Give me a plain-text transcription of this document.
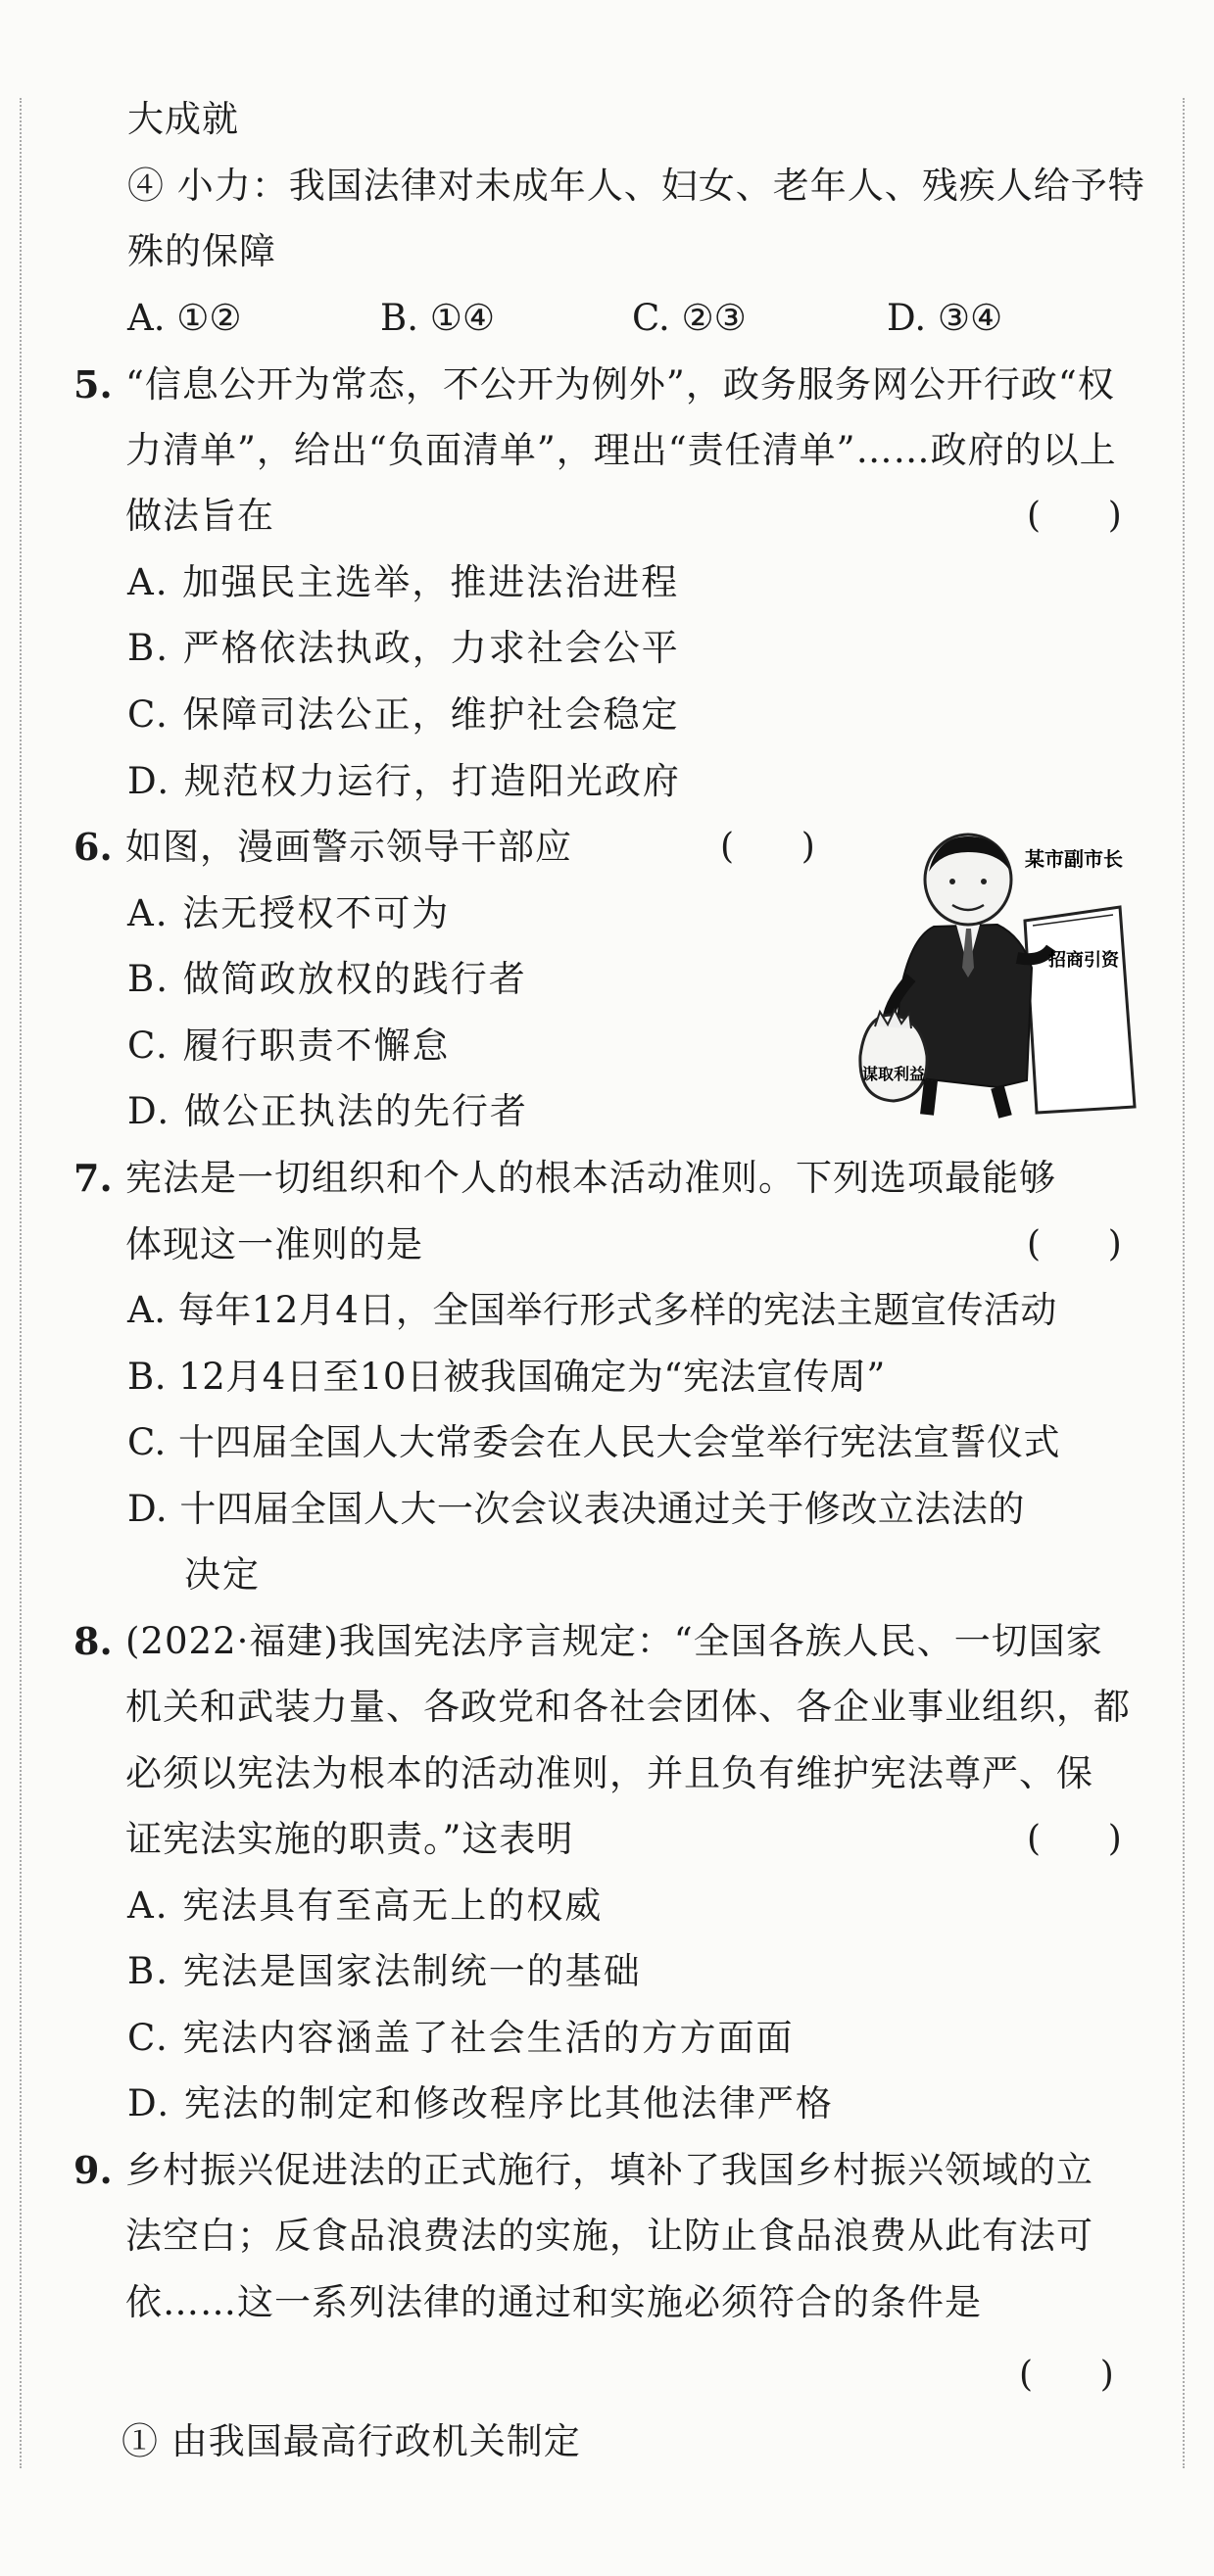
大成就
④ 小力：我国法律对未成年人、妇女、老年人、残疾人给予特
殊的保障
A. ①②	B. ①④	C. ②③	D. ③④
5. “信息公开为常态，不公开为例外”，政务服务网公开行政“权
力清单”，给出“负面清单”，理出“责任清单”……政府的以上
做法旨在	(      )
A. 加强民主选举，推进法治进程
B. 严格依法执政，力求社会公平
C. 保障司法公正，维护社会稳定
D. 规范权力运行，打造阳光政府
6. 如图，漫画警示领导干部应	(      )
A. 法无授权不可为
B. 做简政放权的践行者
C. 履行职责不懈怠
D. 做公正执法的先行者
某市副市长
招商引资
谋取利益
7. 宪法是一切组织和个人的根本活动准则。下列选项最能够
体现这一准则的是	(      )
A. 每年12月4日，全国举行形式多样的宪法主题宣传活动
B. 12月4日至10日被我国确定为“宪法宣传周”
C. 十四届全国人大常委会在人民大会堂举行宪法宣誓仪式
D. 十四届全国人大一次会议表决通过关于修改立法法的
决定
8. (2022·福建)我国宪法序言规定：“全国各族人民、一切国家
机关和武装力量、各政党和各社会团体、各企业事业组织，都
必须以宪法为根本的活动准则，并且负有维护宪法尊严、保
证宪法实施的职责。”这表明	(      )
A. 宪法具有至高无上的权威
B. 宪法是国家法制统一的基础
C. 宪法内容涵盖了社会生活的方方面面
D. 宪法的制定和修改程序比其他法律严格
9. 乡村振兴促进法的正式施行，填补了我国乡村振兴领域的立
法空白；反食品浪费法的实施，让防止食品浪费从此有法可
依……这一系列法律的通过和实施必须符合的条件是
(      )
① 由我国最高行政机关制定
